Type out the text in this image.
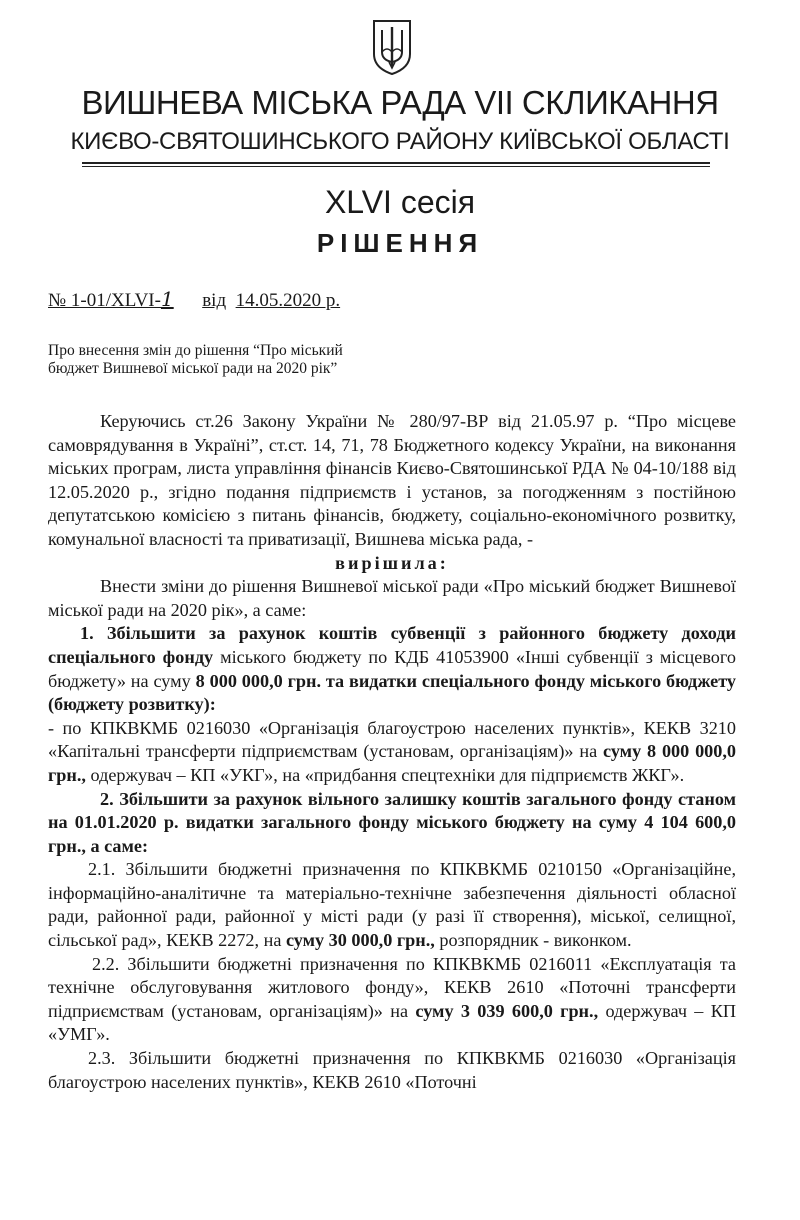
ВИШНЕВА МІСЬКА РАДА VII СКЛИКАННЯ
КИЄВО-СВЯТОШИНСЬКОГО РАЙОНУ КИЇВСЬКОЇ ОБЛАСТІ
XLVI сесія
РІШЕННЯ
№ 1-01/XLVI-1 від 14.05.2020 р.
Про внесення змін до рішення “Про міський бюджет Вишневої міської ради на 2020 рік”

Керуючись ст.26 Закону України № 280/97-ВР від 21.05.97 р. “Про місцеве самоврядування в Україні”, ст.ст. 14, 71, 78 Бюджетного кодексу України, на виконання міських програм, листа управління фінансів Києво-Святошинської РДА № 04-10/188 від 12.05.2020 р., згідно подання підприємств і установ, за погодженням з постійною депутатською комісією з питань фінансів, бюджету, соціально-економічного розвитку, комунальної власності та приватизації, Вишнева міська рада, -

вирішила:

Внести зміни до рішення Вишневої міської ради «Про міський бюджет Вишневої міської ради на 2020 рік», а саме:

1. Збільшити за рахунок коштів субвенції з районного бюджету доходи спеціального фонду міського бюджету по КДБ 41053900 «Інші субвенції з місцевого бюджету» на суму 8 000 000,0 грн. та видатки спеціального фонду міського бюджету (бюджету розвитку):

- по КПКВКМБ 0216030 «Організація благоустрою населених пунктів», КЕКВ 3210 «Капітальні трансферти підприємствам (установам, організаціям)» на суму 8 000 000,0 грн., одержувач – КП «УКГ», на «придбання спецтехніки для підприємств ЖКГ».

2. Збільшити за рахунок вільного залишку коштів загального фонду станом на 01.01.2020 р. видатки загального фонду міського бюджету на суму 4 104 600,0 грн., а саме:

2.1. Збільшити бюджетні призначення по КПКВКМБ 0210150 «Організаційне, інформаційно-аналітичне та матеріально-технічне забезпечення діяльності обласної ради, районної ради, районної у місті ради (у разі її створення), міської, селищної, сільської рад», КЕКВ 2272, на суму 30 000,0 грн., розпорядник - виконком.

2.2. Збільшити бюджетні призначення по КПКВКМБ 0216011 «Експлуатація та технічне обслуговування житлового фонду», КЕКВ 2610 «Поточні трансферти підприємствам (установам, організаціям)» на суму 3 039 600,0 грн., одержувач – КП «УМГ».

2.3. Збільшити бюджетні призначення по КПКВКМБ 0216030 «Організація благоустрою населених пунктів», КЕКВ 2610 «Поточні
